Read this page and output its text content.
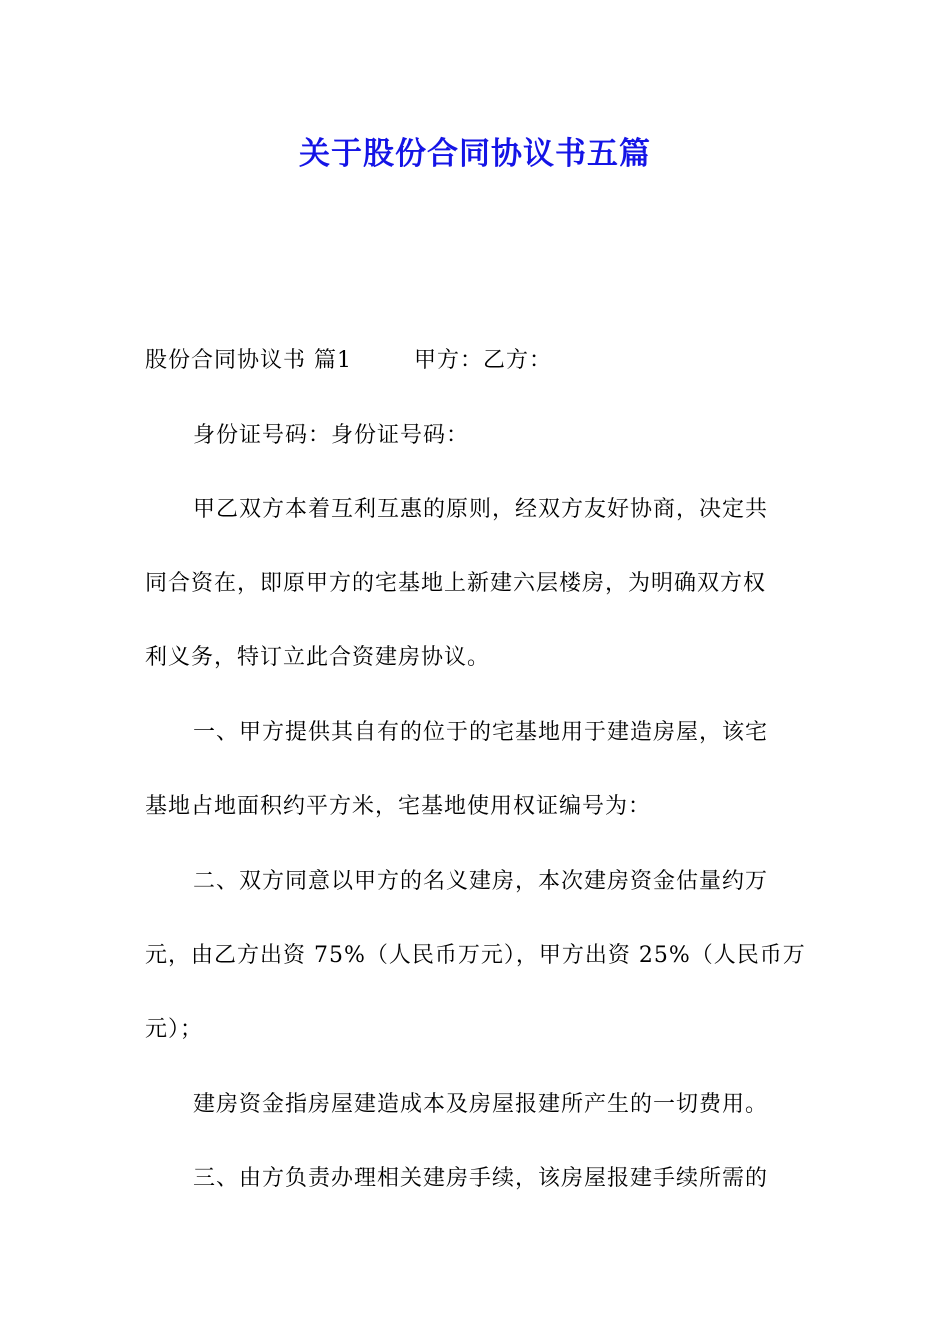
关于股份合同协议书五篇
股份合同协议书 篇1	甲方：乙方：
身份证号码：身份证号码：
甲乙双方本着互利互惠的原则，经双方友好协商，决定共
同合资在，即原甲方的宅基地上新建六层楼房，为明确双方权
利义务，特订立此合资建房协议。
一、甲方提供其自有的位于的宅基地用于建造房屋，该宅
基地占地面积约平方米，宅基地使用权证编号为：
二、双方同意以甲方的名义建房，本次建房资金估量约万
元，由乙方出资 75%（人民币万元），甲方出资 25%（人民币万
元）；
建房资金指房屋建造成本及房屋报建所产生的一切费用。
三、由方负责办理相关建房手续，该房屋报建手续所需的
